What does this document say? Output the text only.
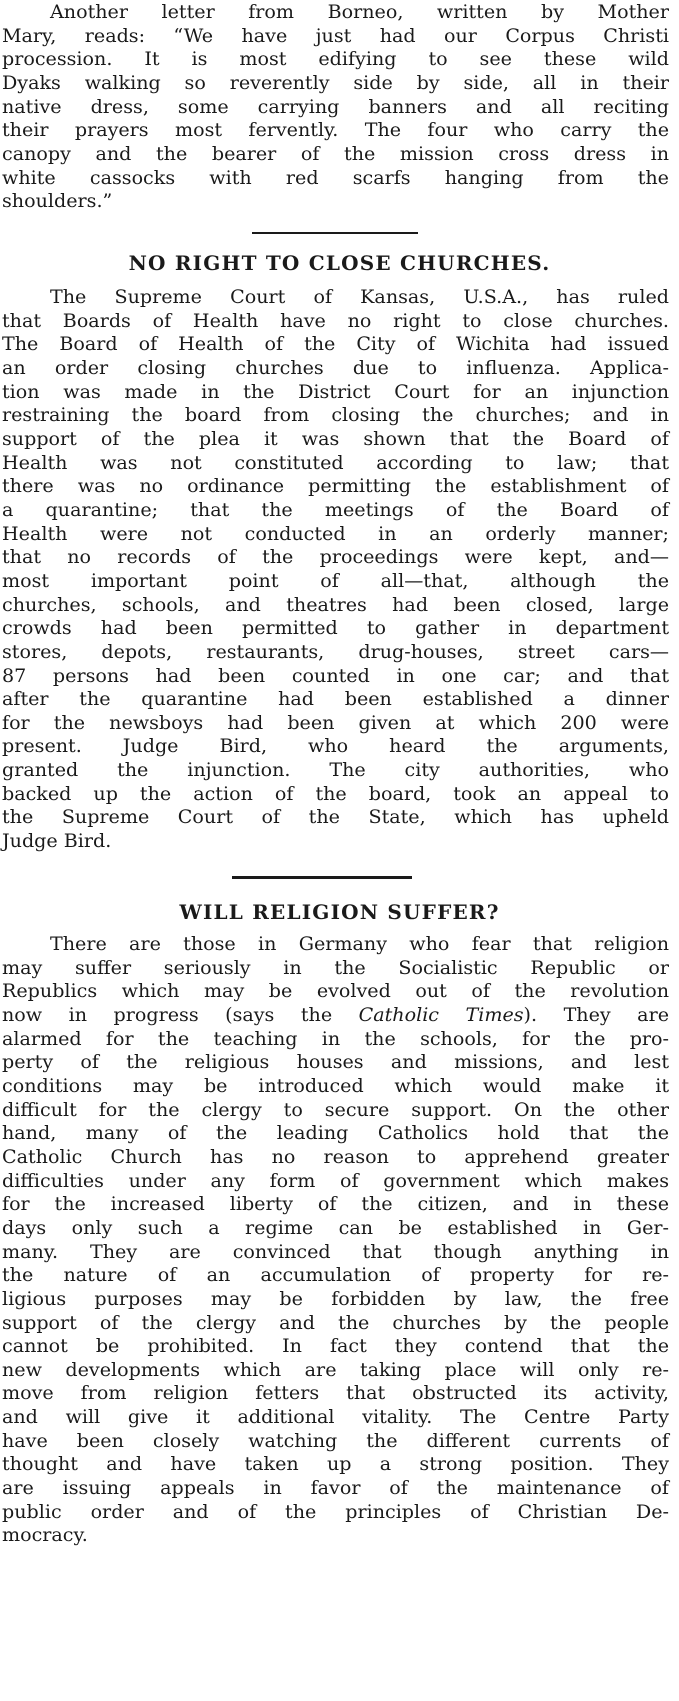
Another letter from Borneo, written by Mother
Mary, reads: “We have just had our Corpus Christi
procession. It is most edifying to see these wild
Dyaks walking so reverently side by side, all in their
native dress, some carrying banners and all reciting
their prayers most fervently. The four who carry the
canopy and the bearer of the mission cross dress in
white cassocks with red scarfs hanging from the
shoulders.”
NO RIGHT TO CLOSE CHURCHES.
The Supreme Court of Kansas, U.S.A., has ruled
that Boards of Health have no right to close churches.
The Board of Health of the City of Wichita had issued
an order closing churches due to influenza. Applica-
tion was made in the District Court for an injunction
restraining the board from closing the churches; and in
support of the plea it was shown that the Board of
Health was not constituted according to law; that
there was no ordinance permitting the establishment of
a quarantine; that the meetings of the Board of
Health were not conducted in an orderly manner;
that no records of the proceedings were kept, and—
most important point of all—that, although the
churches, schools, and theatres had been closed, large
crowds had been permitted to gather in department
stores, depots, restaurants, drug-houses, street cars—
87 persons had been counted in one car; and that
after the quarantine had been established a dinner
for the newsboys had been given at which 200 were
present. Judge Bird, who heard the arguments,
granted the injunction. The city authorities, who
backed up the action of the board, took an appeal to
the Supreme Court of the State, which has upheld
Judge Bird.
WILL RELIGION SUFFER?
There are those in Germany who fear that religion
may suffer seriously in the Socialistic Republic or
Republics which may be evolved out of the revolution
now in progress (says the Catholic Times). They are
alarmed for the teaching in the schools, for the pro-
perty of the religious houses and missions, and lest
conditions may be introduced which would make it
difficult for the clergy to secure support. On the other
hand, many of the leading Catholics hold that the
Catholic Church has no reason to apprehend greater
difficulties under any form of government which makes
for the increased liberty of the citizen, and in these
days only such a regime can be established in Ger-
many. They are convinced that though anything in
the nature of an accumulation of property for re-
ligious purposes may be forbidden by law, the free
support of the clergy and the churches by the people
cannot be prohibited. In fact they contend that the
new developments which are taking place will only re-
move from religion fetters that obstructed its activity,
and will give it additional vitality. The Centre Party
have been closely watching the different currents of
thought and have taken up a strong position. They
are issuing appeals in favor of the maintenance of
public order and of the principles of Christian De-
mocracy.
